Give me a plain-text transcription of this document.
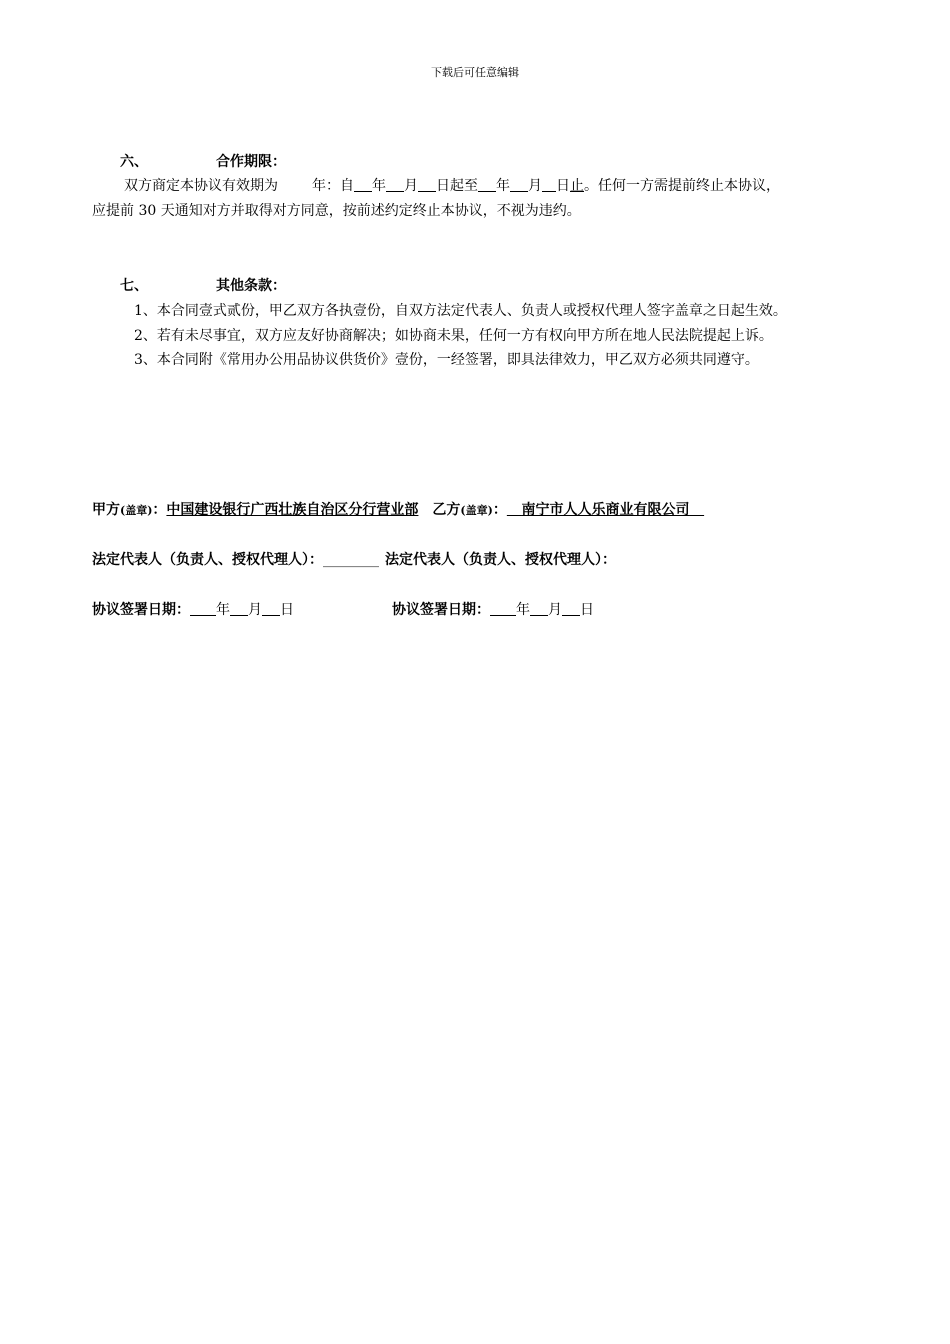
下载后可任意编辑
六、	合作期限：
双方商定本协议有效期为 年：自 年 月 日起至 年 月 日止。任何一方需提前终止本协议，
应提前 30 天通知对方并取得对方同意，按前述约定终止本协议，不视为违约。
七、	其他条款：
1、本合同壹式贰份，甲乙双方各执壹份，自双方法定代表人、负责人或授权代理人签字盖章之日起生效。
2、若有未尽事宜，双方应友好协商解决；如协商未果，任何一方有权向甲方所在地人民法院提起上诉。
3、本合同附《常用办公用品协议供货价》壹份，一经签署，即具法律效力，甲乙双方必须共同遵守。
甲方(盖章)：中国建设银行广西壮族自治区分行营业部 乙方(盖章)： 南宁市人人乐商业有限公司
法定代表人（负责人、授权代理人）：________ 法定代表人（负责人、授权代理人）：
协议签署日期： 年 月 日	协议签署日期： 年 月 日
